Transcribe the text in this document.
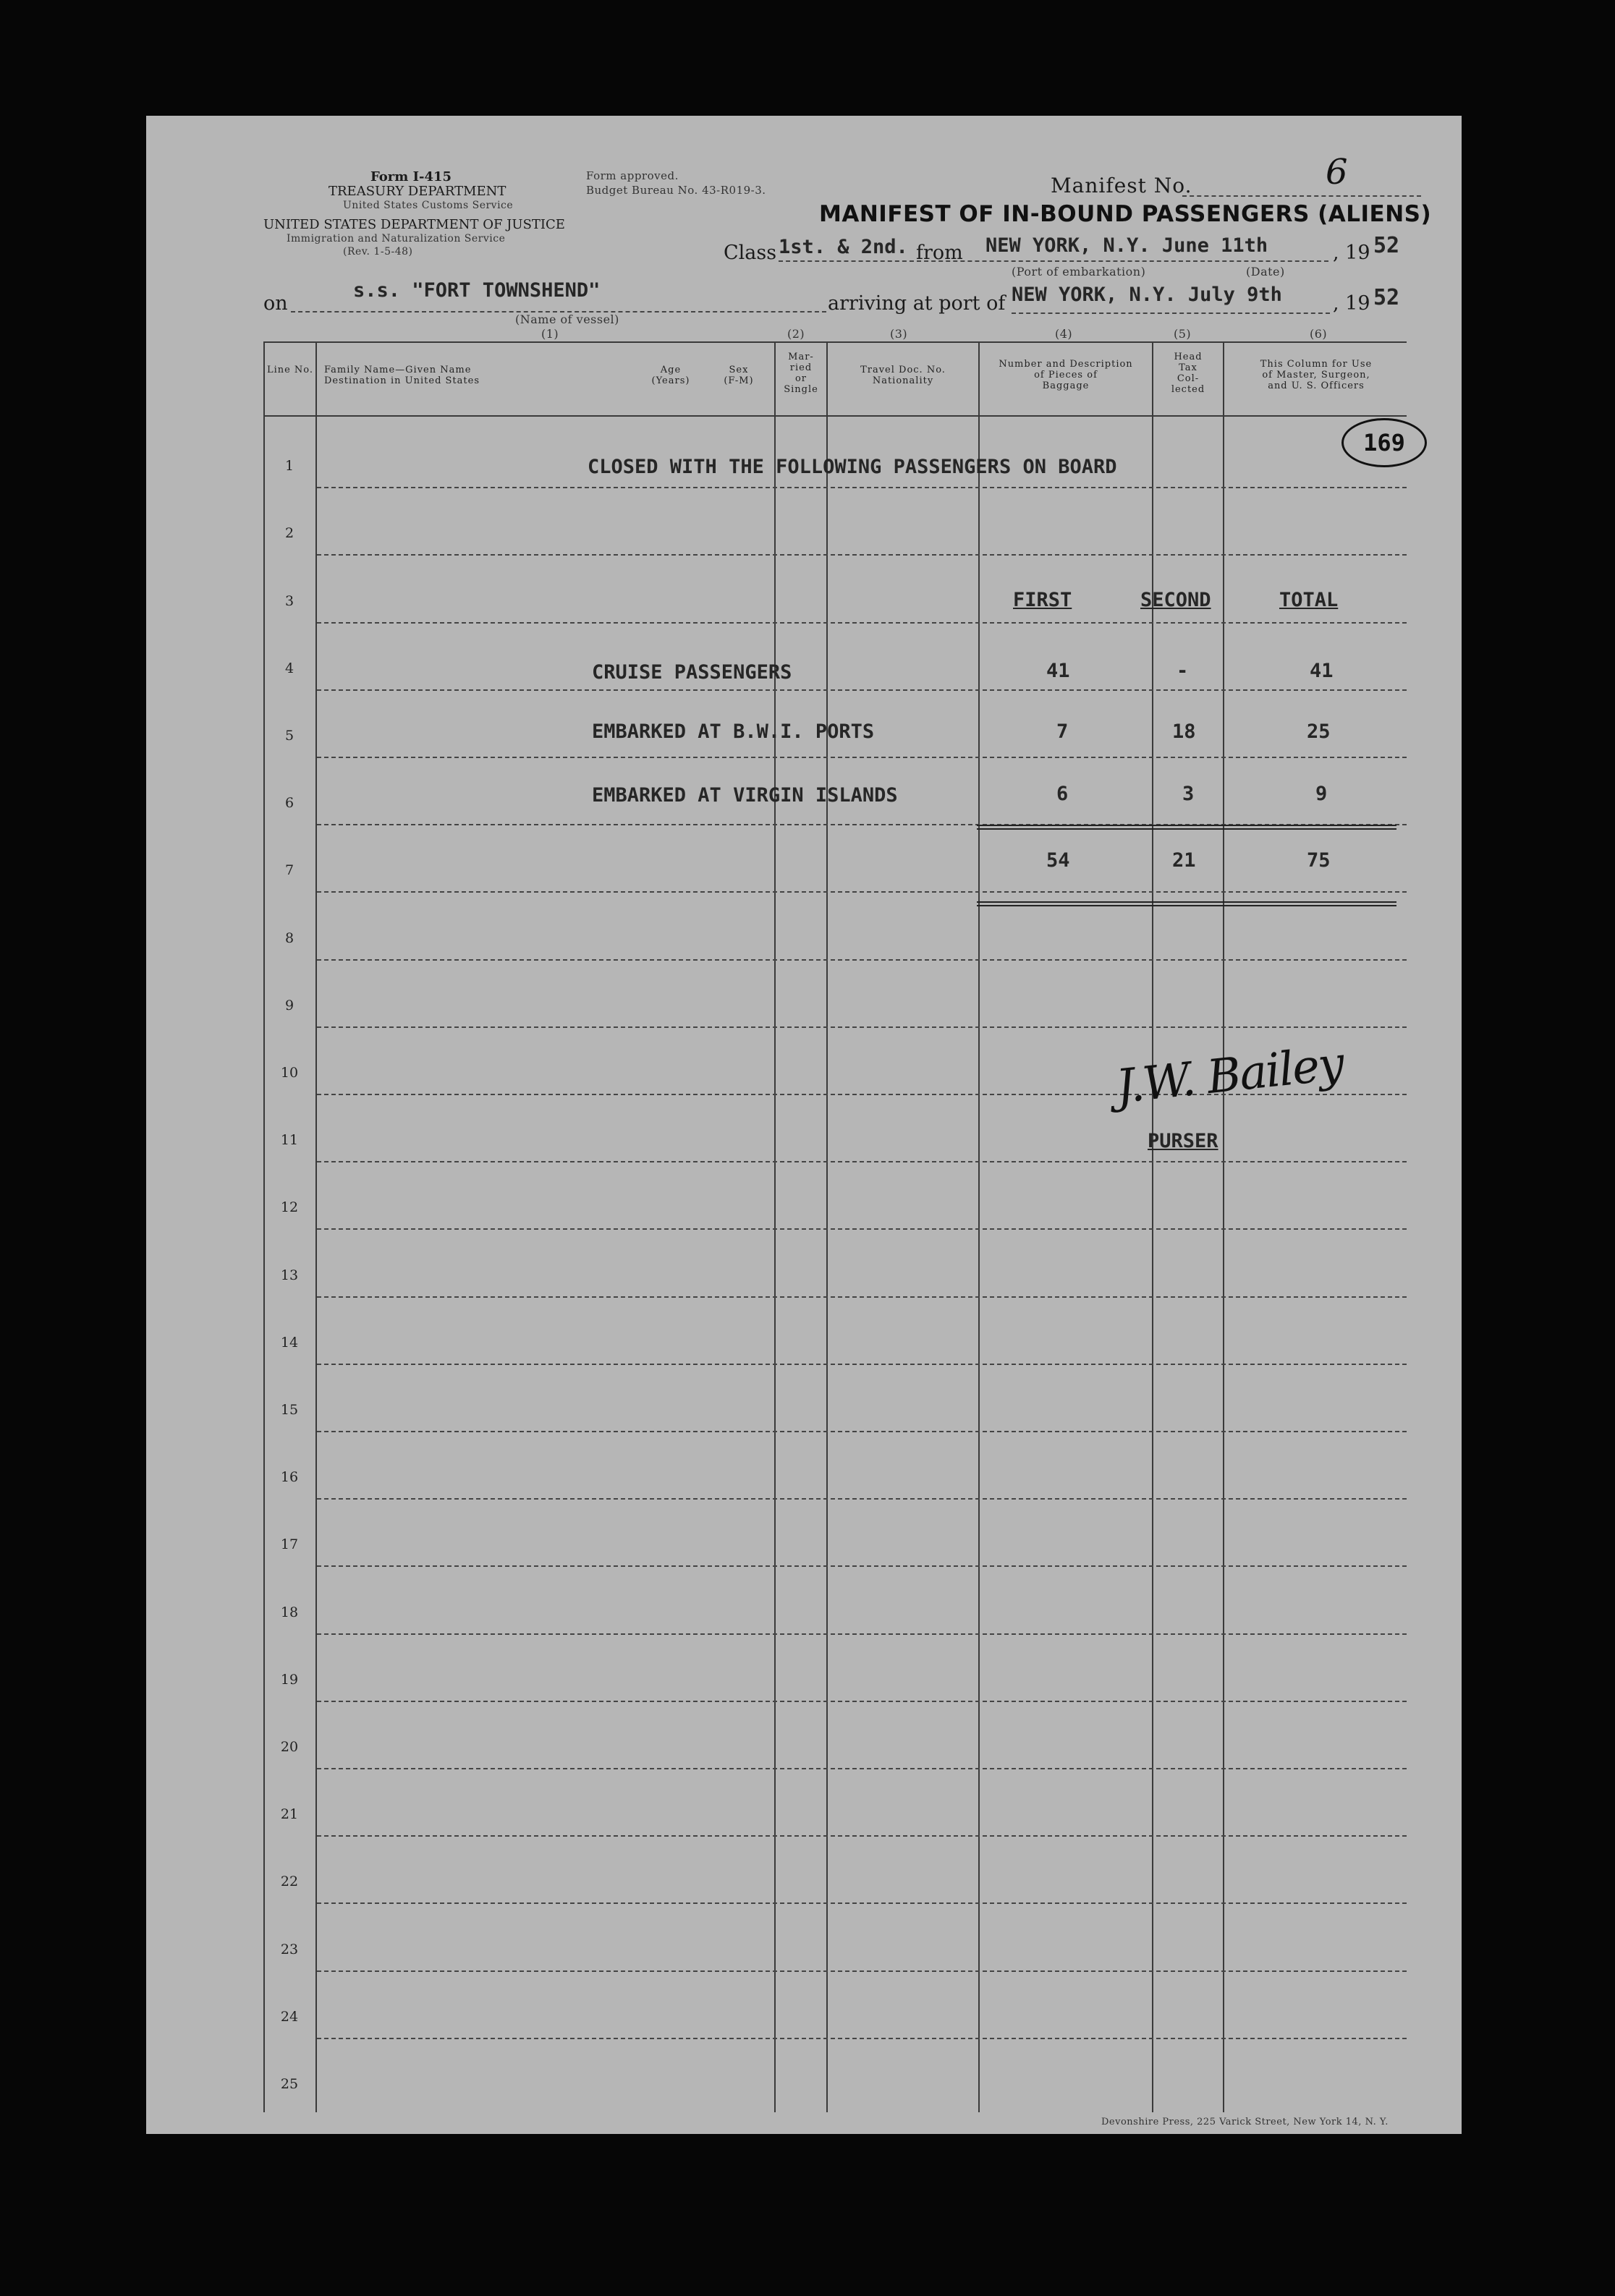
Form I-415
TREASURY DEPARTMENT
United States Customs Service
UNITED STATES DEPARTMENT OF JUSTICE
Immigration and Naturalization Service
(Rev. 1-5-48)
Form approved.
Budget Bureau No. 43-R019-3.	Manifest No.	6
MANIFEST OF IN-BOUND PASSENGERS (ALIENS)
Class 1st. & 2nd. from NEW YORK, N.Y. June 11th	, 19 52
(Port of embarkation)	(Date)
on
s.s. "FORT TOWNSHEND"
(Name of vessel)
(1)
arriving at port of NEW YORK, N.Y. July 9th	, 19 52
(2)	(3)	(4)	(5)	(6)
Line No. Family Name—Given Name
Destination in United States
Age
(Years)
Sex
(F-M)
Mar-
ried
or
Single
Travel Doc. No.
Nationality
Number and Description
of Pieces of
Baggage
Head
Tax
Col-
lected
This Column for Use
of Master, Surgeon,
and U. S. Officers
169
1
2
3
4
5
6
7
8
9
10
11
12
13
14
15
16
17
18
19
20
21
22
23
24
25
CLOSED WITH THE FOLLOWING PASSENGERS ON BOARD
FIRST	SECOND	TOTAL
CRUISE PASSENGERS	41	-	41
EMBARKED AT B.W.I. PORTS	7	18	25
EMBARKED AT VIRGIN ISLANDS	6	3	9
54	21	75
J.W. Bailey
PURSER
Devonshire Press, 225 Varick Street, New York 14, N. Y.
